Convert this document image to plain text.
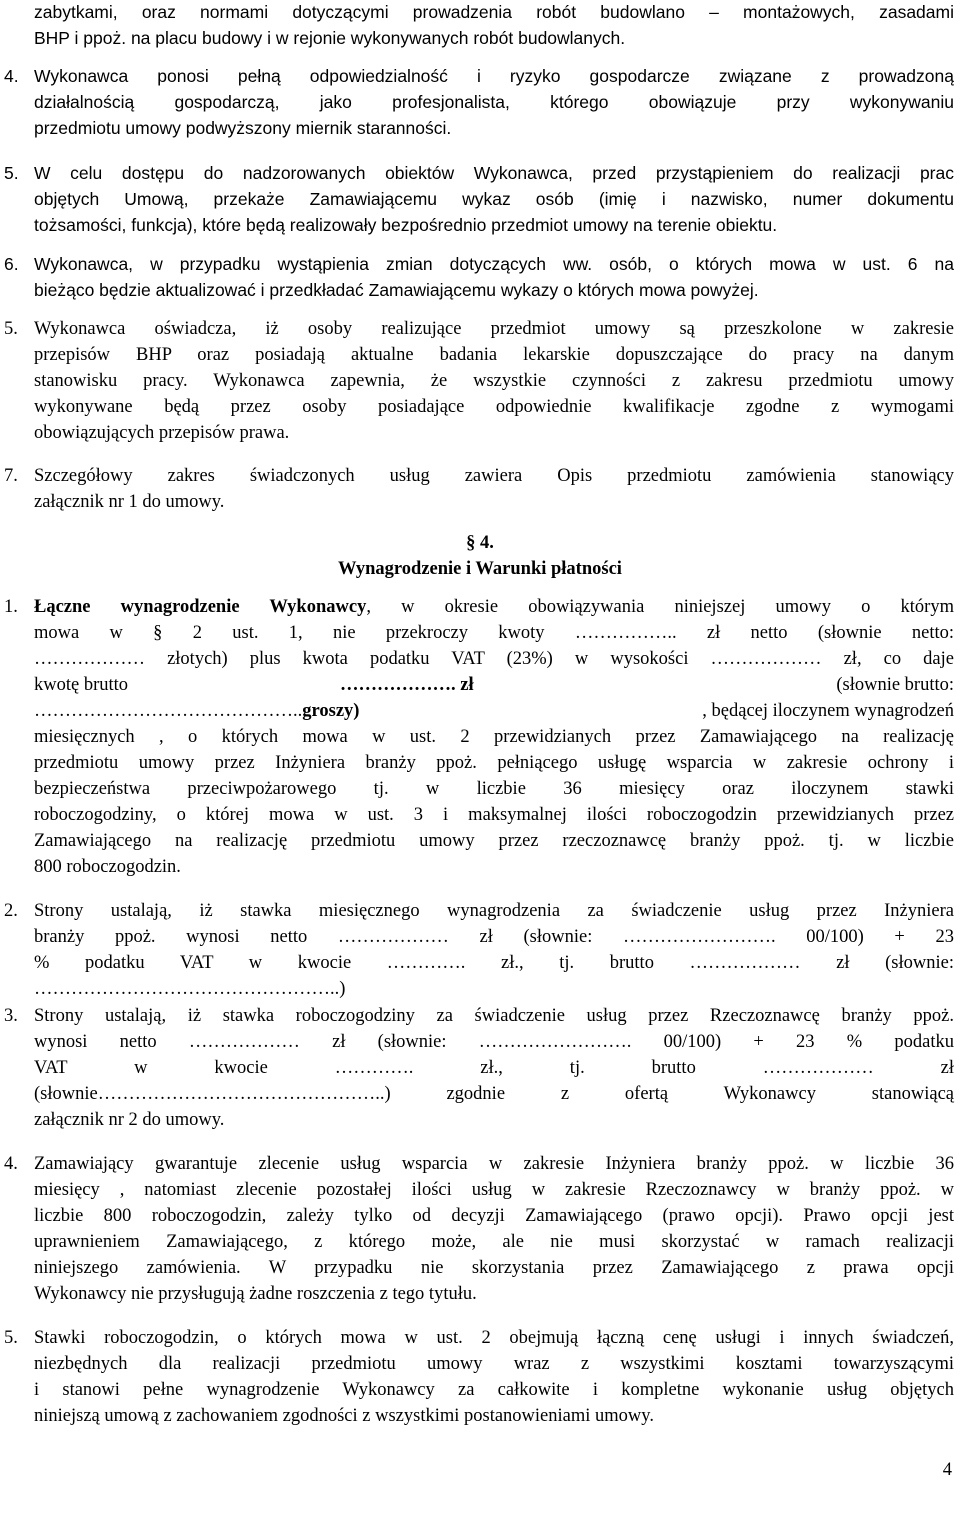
zabytkami, oraz normami dotyczącymi prowadzenia robót budowlano – montażowych, zasadami
BHP i ppoż. na placu budowy i w rejonie wykonywanych robót budowlanych.
4. Wykonawca ponosi pełną odpowiedzialność i ryzyko gospodarcze związane z prowadzoną
działalnością gospodarczą, jako profesjonalista, którego obowiązuje przy wykonywaniu
przedmiotu umowy podwyższony miernik staranności.
5. W celu dostępu do nadzorowanych obiektów Wykonawca, przed przystąpieniem do realizacji prac
objętych Umową, przekaże Zamawiającemu wykaz osób (imię i nazwisko, numer dokumentu
tożsamości, funkcja), które będą realizowały bezpośrednio przedmiot umowy na terenie obiektu.
6. Wykonawca, w przypadku wystąpienia zmian dotyczących ww. osób, o których mowa w ust. 6 na
bieżąco będzie aktualizować i przedkładać Zamawiającemu wykazy o których mowa powyżej.
5. Wykonawca oświadcza, iż osoby realizujące przedmiot umowy są przeszkolone w zakresie
przepisów BHP oraz posiadają aktualne badania lekarskie dopuszczające do pracy na danym
stanowisku pracy. Wykonawca zapewnia, że wszystkie czynności z zakresu przedmiotu umowy
wykonywane będą przez osoby posiadające odpowiednie kwalifikacje zgodne z wymogami
obowiązujących przepisów prawa.
7. Szczegółowy zakres świadczonych usług zawiera Opis przedmiotu zamówienia stanowiący
załącznik nr 1 do umowy.
§ 4.
Wynagrodzenie i Warunki płatności
1. Łączne wynagrodzenie Wykonawcy, w okresie obowiązywania niniejszej umowy o którym
mowa w § 2 ust. 1, nie przekroczy kwoty …………….. zł netto (słownie netto:
……………… złotych) plus kwota podatku VAT (23%) w wysokości ……………… zł, co daje
kwotę brutto	………………. zł	(słownie brutto:
……………………………………..groszy)	, będącej iloczynem wynagrodzeń
miesięcznych , o których mowa w ust. 2 przewidzianych przez Zamawiającego na realizację
przedmiotu umowy przez Inżyniera branży ppoż. pełniącego usługę wsparcia w zakresie ochrony i
bezpieczeństwa przeciwpożarowego tj. w liczbie 36 miesięcy oraz iloczynem stawki
roboczogodziny, o której mowa w ust. 3 i maksymalnej ilości roboczogodzin przewidzianych przez
Zamawiającego na realizację przedmiotu umowy przez rzeczoznawcę branży ppoż. tj. w liczbie
800 roboczogodzin.
2. Strony ustalają, iż stawka miesięcznego wynagrodzenia za świadczenie usług przez Inżyniera
branży ppoż. wynosi netto ……………… zł (słownie: ……………………. 00/100) + 23
% podatku VAT w kwocie …………. zł., tj. brutto ……………… zł (słownie:
…………………………………………..)
3. Strony ustalają, iż stawka roboczogodziny za świadczenie usług przez Rzeczoznawcę branży ppoż.
wynosi netto ……………… zł (słownie: ……………………. 00/100) + 23 % podatku
VAT w kwocie …………. zł., tj. brutto ……………… zł
(słownie………………………………………..) zgodnie z ofertą Wykonawcy stanowiącą
załącznik nr 2 do umowy.
4. Zamawiający gwarantuje zlecenie usług wsparcia w zakresie Inżyniera branży ppoż. w liczbie 36
miesięcy , natomiast zlecenie pozostałej ilości usług w zakresie Rzeczoznawcy w branży ppoż. w
liczbie 800 roboczogodzin, zależy tylko od decyzji Zamawiającego (prawo opcji). Prawo opcji jest
uprawnieniem Zamawiającego, z którego może, ale nie musi skorzystać w ramach realizacji
niniejszego zamówienia. W przypadku nie skorzystania przez Zamawiającego z prawa opcji
Wykonawcy nie przysługują żadne roszczenia z tego tytułu.
5. Stawki roboczogodzin, o których mowa w ust. 2 obejmują łączną cenę usługi i innych świadczeń,
niezbędnych dla realizacji przedmiotu umowy wraz z wszystkimi kosztami towarzyszącymi
i stanowi pełne wynagrodzenie Wykonawcy za całkowite i kompletne wykonanie usług objętych
niniejszą umową z zachowaniem zgodności z wszystkimi postanowieniami umowy.
4
